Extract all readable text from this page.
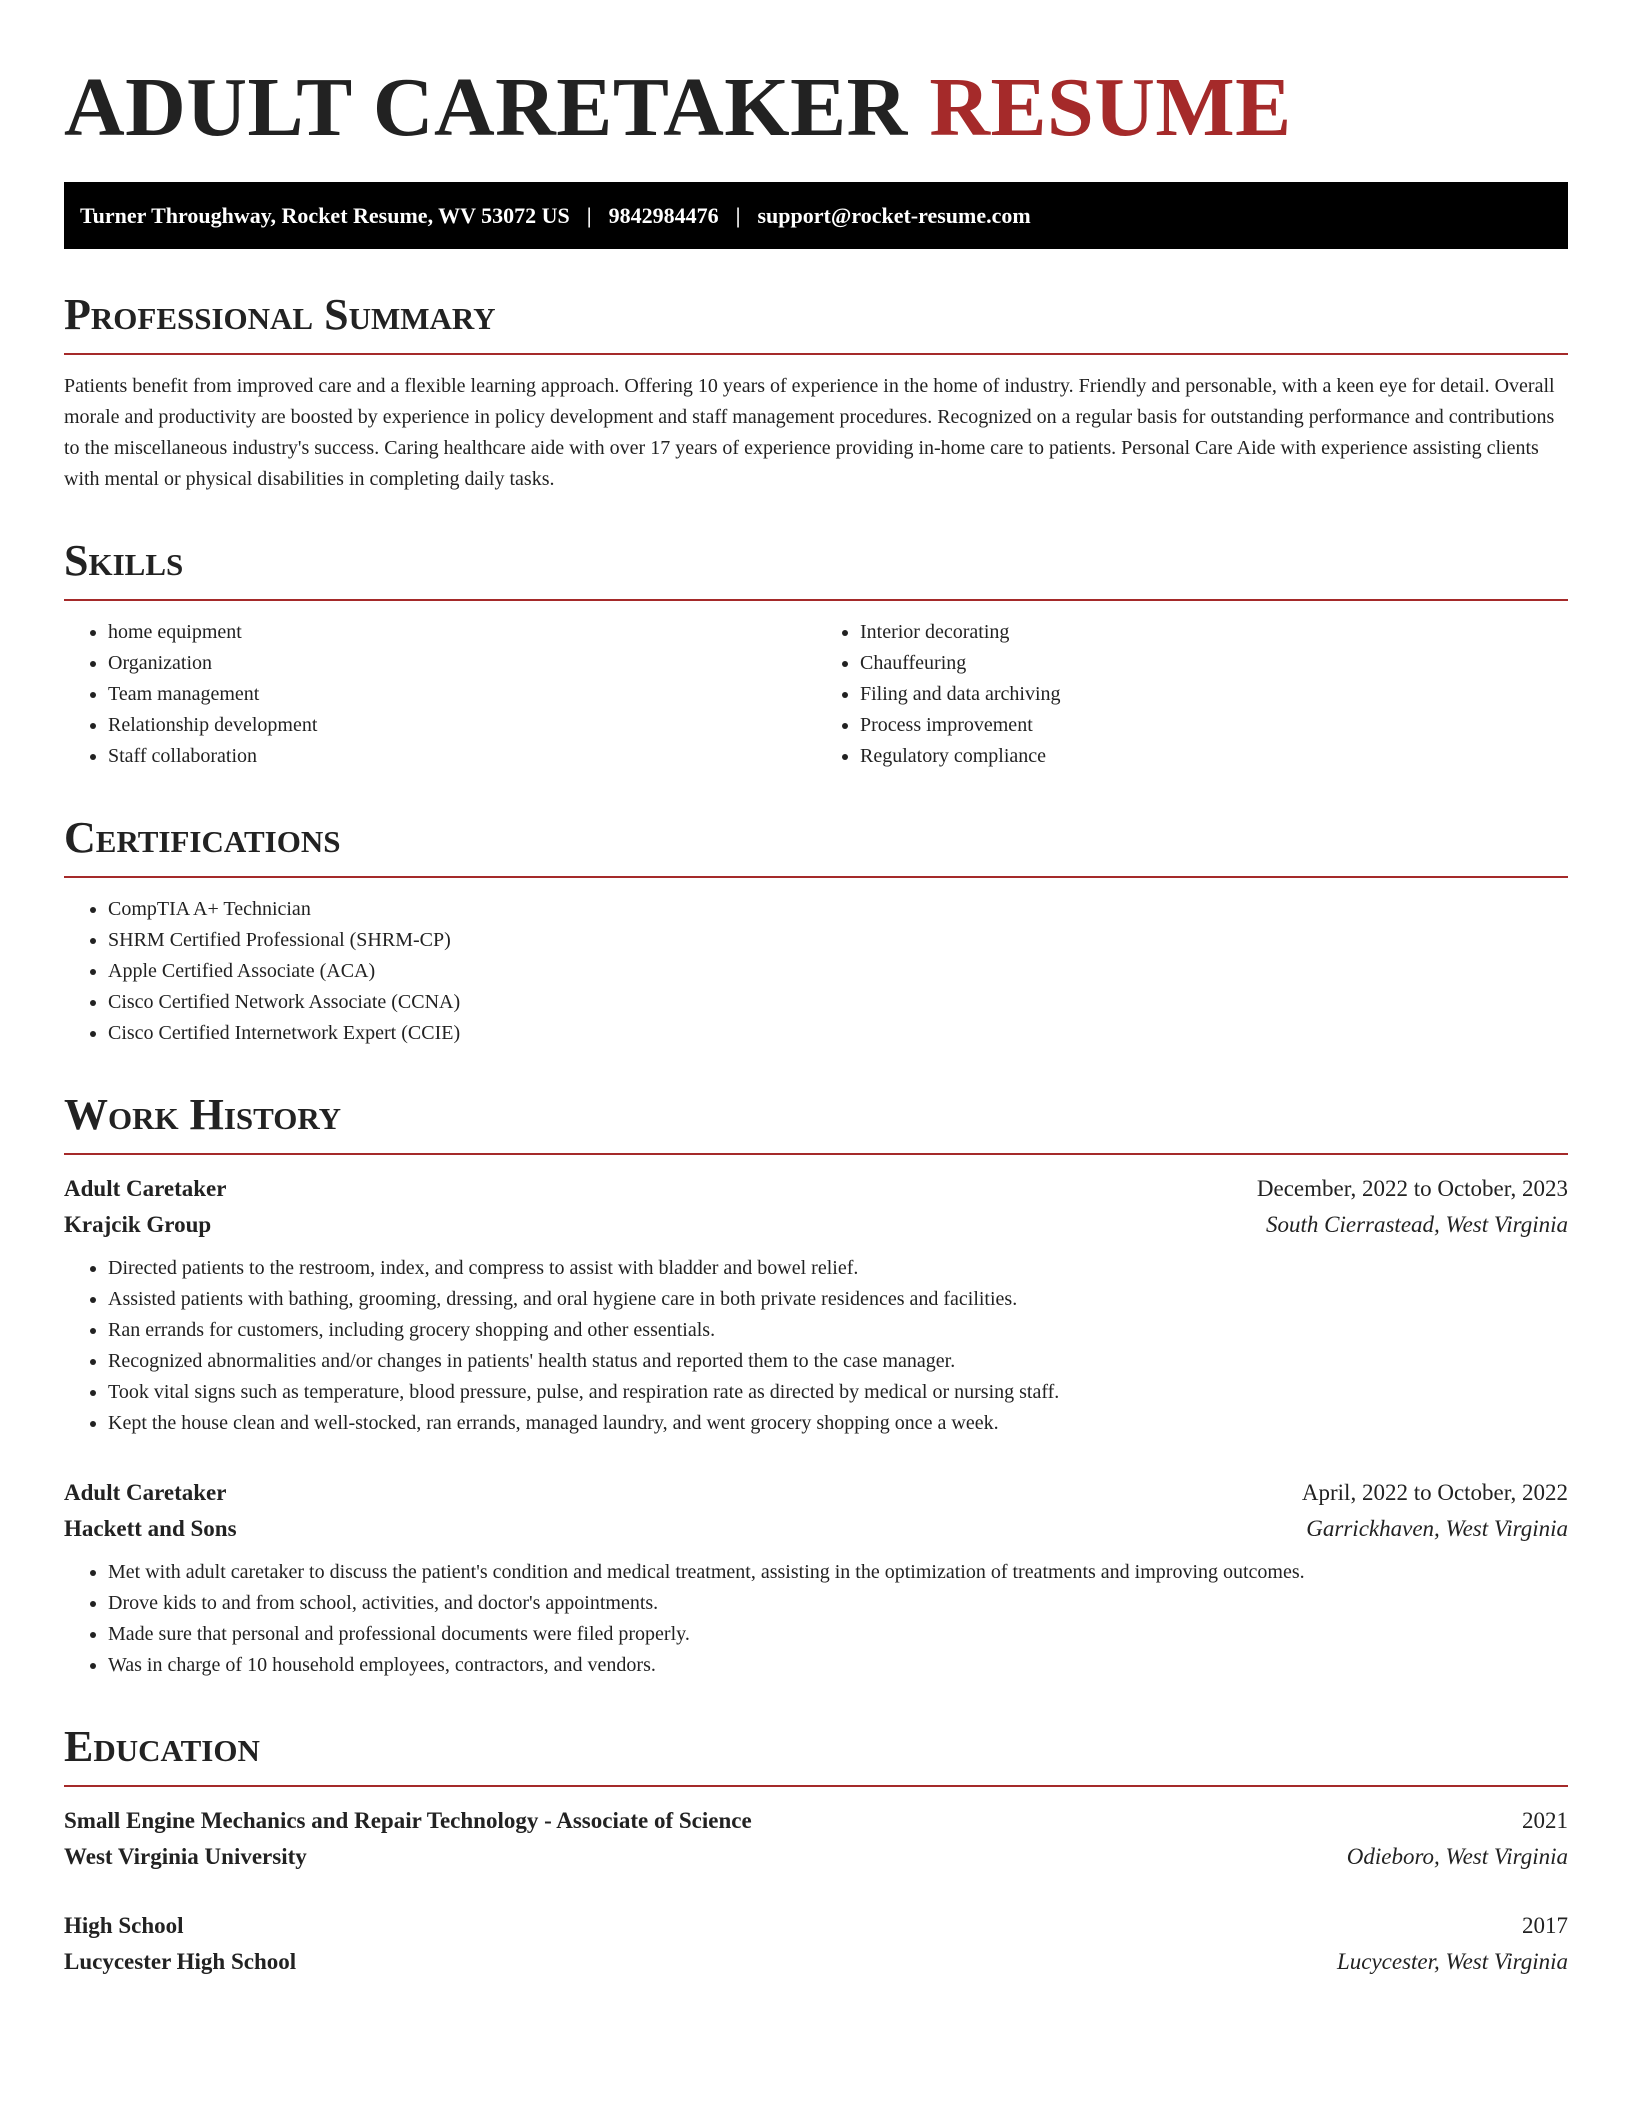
ADULT CARETAKER RESUME
Turner Throughway, Rocket Resume, WV 53072 US | 9842984476 | support@rocket-resume.com
Professional Summary
Patients benefit from improved care and a flexible learning approach. Offering 10 years of experience in the home of industry. Friendly and personable, with a keen eye for detail. Overall morale and productivity are boosted by experience in policy development and staff management procedures. Recognized on a regular basis for outstanding performance and contributions to the miscellaneous industry's success. Caring healthcare aide with over 17 years of experience providing in-home care to patients. Personal Care Aide with experience assisting clients with mental or physical disabilities in completing daily tasks.
Skills
• home equipment
• Organization
• Team management
• Relationship development
• Staff collaboration
• Interior decorating
• Chauffeuring
• Filing and data archiving
• Process improvement
• Regulatory compliance
Certifications
• CompTIA A+ Technician
• SHRM Certified Professional (SHRM-CP)
• Apple Certified Associate (ACA)
• Cisco Certified Network Associate (CCNA)
• Cisco Certified Internetwork Expert (CCIE)
Work History
Adult Caretaker	December, 2022 to October, 2023
Krajcik Group	South Cierrastead, West Virginia
• Directed patients to the restroom, index, and compress to assist with bladder and bowel relief.
• Assisted patients with bathing, grooming, dressing, and oral hygiene care in both private residences and facilities.
• Ran errands for customers, including grocery shopping and other essentials.
• Recognized abnormalities and/or changes in patients' health status and reported them to the case manager.
• Took vital signs such as temperature, blood pressure, pulse, and respiration rate as directed by medical or nursing staff.
• Kept the house clean and well-stocked, ran errands, managed laundry, and went grocery shopping once a week.
Adult Caretaker	April, 2022 to October, 2022
Hackett and Sons	Garrickhaven, West Virginia
• Met with adult caretaker to discuss the patient's condition and medical treatment, assisting in the optimization of treatments and improving outcomes.
• Drove kids to and from school, activities, and doctor's appointments.
• Made sure that personal and professional documents were filed properly.
• Was in charge of 10 household employees, contractors, and vendors.
Education
Small Engine Mechanics and Repair Technology - Associate of Science	2021
West Virginia University	Odieboro, West Virginia
High School	2017
Lucycester High School	Lucycester, West Virginia
